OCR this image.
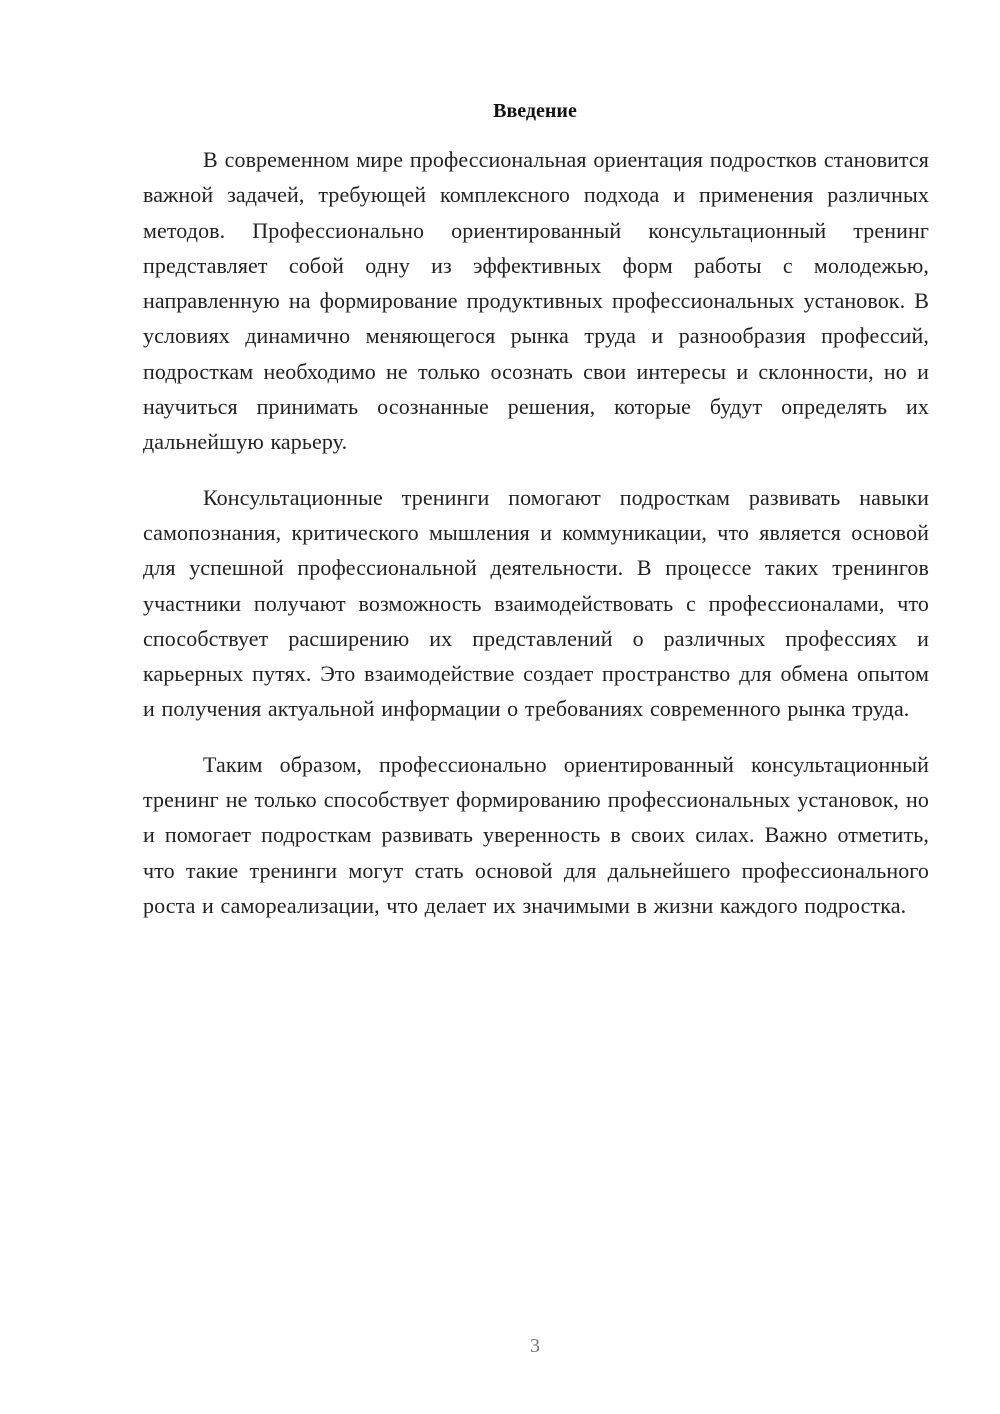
Введение

В современном мире профессиональная ориентация подростков становится важной задачей, требующей комплексного подхода и применения различных методов. Профессионально ориентированный консультационный тренинг представляет собой одну из эффективных форм работы с молодежью, направленную на формирование продуктивных профессиональных установок. В условиях динамично меняющегося рынка труда и разнообразия профессий, подросткам необходимо не только осознать свои интересы и склонности, но и научиться принимать осознанные решения, которые будут определять их дальнейшую карьеру.

Консультационные тренинги помогают подросткам развивать навыки самопознания, критического мышления и коммуникации, что является основой для успешной профессиональной деятельности. В процессе таких тренингов участники получают возможность взаимодействовать с профессионалами, что способствует расширению их представлений о различных профессиях и карьерных путях. Это взаимодействие создает пространство для обмена опытом и получения актуальной информации о требованиях современного рынка труда.

Таким образом, профессионально ориентированный консультационный тренинг не только способствует формированию профессиональных установок, но и помогает подросткам развивать уверенность в своих силах. Важно отметить, что такие тренинги могут стать основой для дальнейшего профессионального роста и самореализации, что делает их значимыми в жизни каждого подростка.

3
